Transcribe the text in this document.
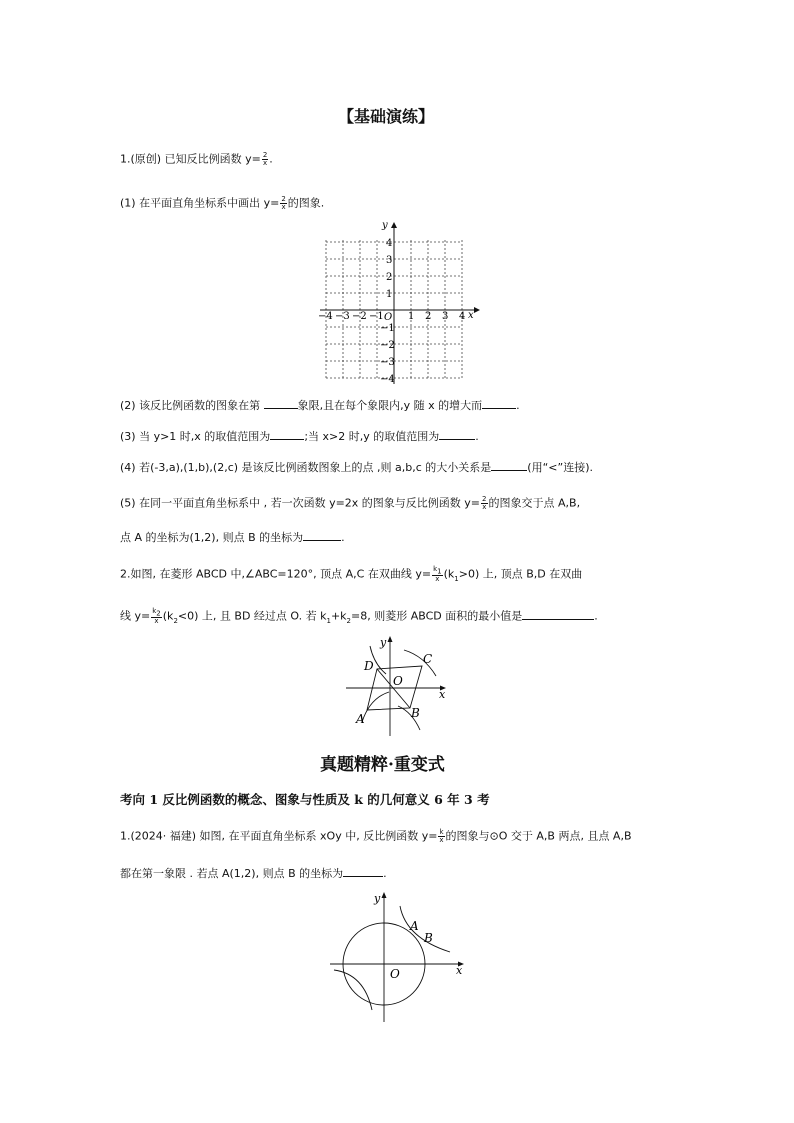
【基础演练】
1.(原创) 已知反比例函数 $y= \frac{2}{x}$ .
(1) 在平面直角坐标系中画出 $y= \frac{2}{x}$ 的图象.
y
x
O
−4 −3 −2 −1 1 2 3 4
4
3
2
1
−1
−2
−3
−4
(2) 该反比例函数的图象在第	象限,且在每个象限内,y 随 x 的增大而	.
(3) 当 y>1 时,x 的取值范围为	;当 x>2 时,y 的取值范围为	.
(4) 若(-3,a),(1,b),(2,c) 是该反比例函数图象上的点 ,则 a,b,c 的大小关系是	(用“<”连接).
(5) 在同一平面直角坐标系中 , 若一次函数 y=2x 的图象与反比例函数 $y= \frac{2}{x}$ 的图象交于点 A,B,
点 A 的坐标为(1,2), 则点 B 的坐标为	.
2.如图, 在菱形 ABCD 中,∠ABC=120°, 顶点 A,C 在双曲线 $y= \frac{k_1}{x} (k_1>0)$ 上, 顶点 B,D 在双曲
线 $y= \frac{k_2}{x} (k_2<0)$ 上, 且 BD 经过点 O. 若 $k_1+k_2=8$, 则菱形 ABCD 面积的最小值是	.
O
y
x
D	C
A	B
真题精粹·重变式
考向 1 反比例函数的概念、图象与性质及 k 的几何意义 6 年 3 考
1.(2024· 福建) 如图, 在平面直角坐标系 xOy 中, 反比例函数 $y= \frac{k}{x}$ 的图象与⊙O 交于 A,B 两点, 且点 A,B
都在第一象限 . 若点 A(1,2), 则点 B 的坐标为	.
O
y
x
A
B
